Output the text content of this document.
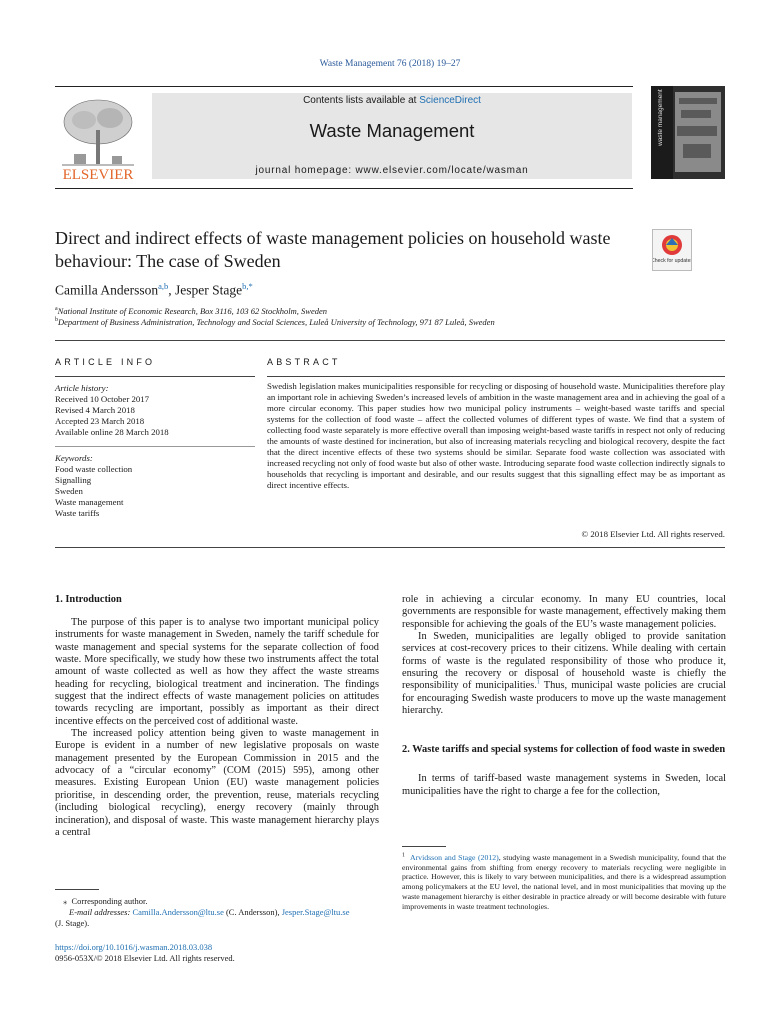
Waste Management 76 (2018) 19–27
ELSEVIER
Contents lists available at ScienceDirect
Waste Management
journal homepage: www.elsevier.com/locate/wasman
waste management
Direct and indirect effects of waste management policies on household waste behaviour: The case of Sweden	Check for updates
Camilla Andersson$^{a,b}$, Jesper Stage$^{b,*}$
$^a$National Institute of Economic Research, Box 3116, 103 62 Stockholm, Sweden
$^b$Department of Business Administration, Technology and Social Sciences, Luleå University of Technology, 971 87 Luleå, Sweden
ARTICLE INFO	ABSTRACT
Article history:
Received 10 October 2017
Revised 4 March 2018
Accepted 23 March 2018
Available online 28 March 2018
Keywords:
Food waste collection
Signalling
Sweden
Waste management
Waste tariffs
Swedish legislation makes municipalities responsible for recycling or disposing of household waste. Municipalities therefore play an important role in achieving Sweden’s increased levels of ambition in the waste management area and in achieving the goal of a more circular economy. This paper studies how two municipal policy instruments – weight-based waste tariffs and special systems for the collection of food waste – affect the collected volumes of different types of waste. We find that a system of collecting food waste separately is more effective overall than imposing weight-based waste tariffs in respect not only of reducing the amounts of waste destined for incineration, but also of increasing materials recycling and biological recovery, despite the fact that the direct incentive effects of these two systems should be similar. Separate food waste collection was associated with increased recycling not only of food waste but also of other waste. Introducing separate food waste collection indirectly signals to households that recycling is important and desirable, and our results suggest that this signalling effect may be as important as direct incentive effects.
© 2018 Elsevier Ltd. All rights reserved.
1. Introduction

The purpose of this paper is to analyse two important municipal policy instruments for waste management in Sweden, namely the tariff schedule for waste management and special systems for the separate collection of food waste. More specifically, we study how these two instruments affect the total amount of waste collected as well as how they affect the waste streams heading for recycling, biological treatment and incineration. The findings suggest that the indirect effects of waste management policies on attitudes towards recycling are important, possibly as important as their direct incentive effects on the perceived cost of additional waste.

The increased policy attention being given to waste management in Europe is evident in a number of new legislative proposals on waste management presented by the European Commission in 2015 and the advocacy of a “circular economy” (COM (2015) 595), among other measures. Existing European Union (EU) waste management policies prioritise, in descending order, the prevention, reuse, materials recycling (including biological recycling), energy recovery (mainly through incineration), and disposal of waste. This waste management hierarchy plays a central

role in achieving a circular economy. In many EU countries, local governments are responsible for waste management, effectively making them responsible for achieving the goals of the EU’s waste management policies.

In Sweden, municipalities are legally obliged to provide sanitation services at cost-recovery prices to their citizens. While dealing with certain forms of waste is the regulated responsibility of those who produce it, ensuring the recovery or disposal of household waste is chiefly the responsibility of municipalities.$^1$ Thus, municipal waste policies are crucial for encouraging Swedish waste producers to move up the waste management hierarchy.

2. Waste tariffs and special systems for collection of food waste in sweden

In terms of tariff-based waste management systems in Sweden, local municipalities have the right to charge a fee for the collection,

$^1$ Arvidsson and Stage (2012), studying waste management in a Swedish municipality, found that the environmental gains from shifting from energy recovery to materials recycling were negligible in practice. However, this is likely to vary between municipalities, and there is a widespread assumption among policymakers at the EU level, the national level, and in most municipalities that moving up the waste management hierarchy is either desirable in practice already or will become desirable with future improvements in waste treatment technologies.
⁎ Corresponding author.
E-mail addresses: Camilla.Andersson@ltu.se (C. Andersson), Jesper.Stage@ltu.se
(J. Stage).
https://doi.org/10.1016/j.wasman.2018.03.038
0956-053X/© 2018 Elsevier Ltd. All rights reserved.
